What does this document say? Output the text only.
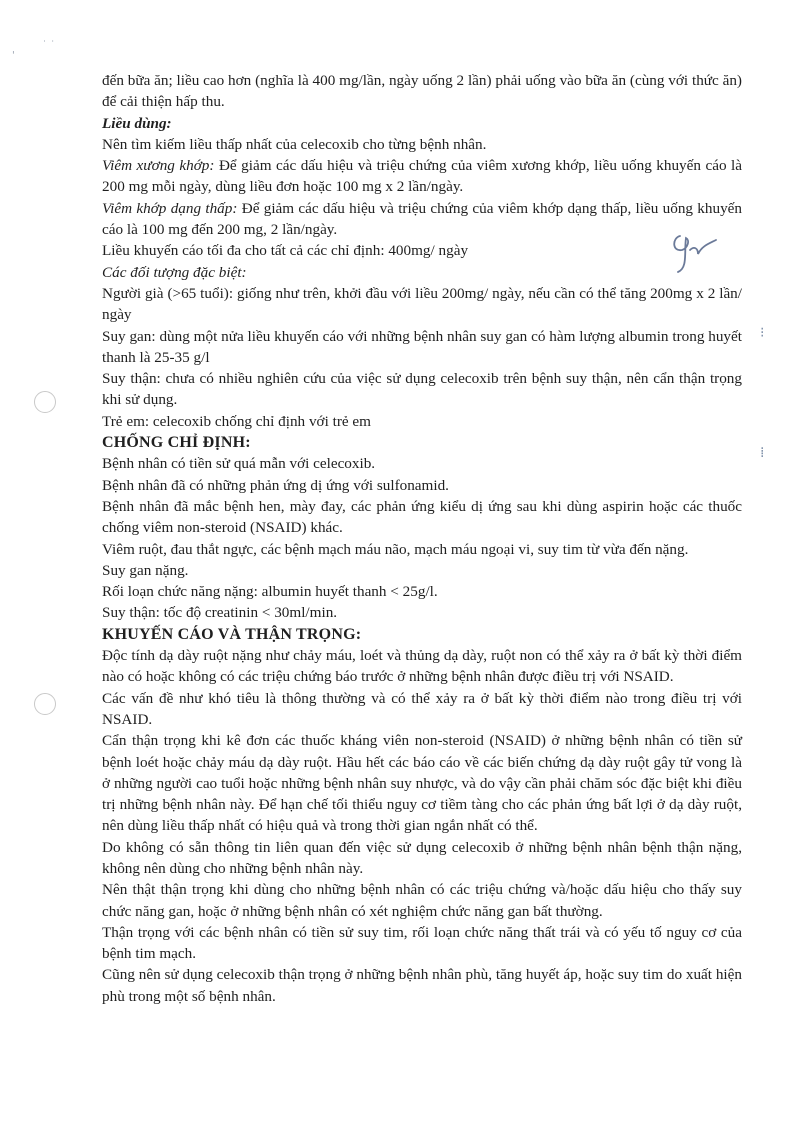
'
˙ ˙
⁝
⁞

đến bữa ăn; liều cao hơn (nghĩa là 400 mg/lần, ngày uống 2 lần) phải uống vào bữa ăn (cùng với thức ăn) để cải thiện hấp thu.

Liều dùng:

Nên tìm kiếm liều thấp nhất của celecoxib cho từng bệnh nhân.

Viêm xương khớp: Để giảm các dấu hiệu và triệu chứng của viêm xương khớp, liều uống khuyến cáo là 200 mg mỗi ngày, dùng liều đơn hoặc 100 mg x 2 lần/ngày.

Viêm khớp dạng thấp: Để giảm các dấu hiệu và triệu chứng của viêm khớp dạng thấp, liều uống khuyến cáo là 100 mg đến 200 mg, 2 lần/ngày.

Liều khuyến cáo tối đa cho tất cả các chỉ định: 400mg/ ngày

Các đối tượng đặc biệt:

Người già (>65 tuổi): giống như trên, khởi đầu với liều 200mg/ ngày, nếu cần có thể tăng 200mg x 2 lần/ ngày

Suy gan: dùng một nửa liều khuyến cáo với những bệnh nhân suy gan có hàm lượng albumin trong huyết thanh là 25-35 g/l

Suy thận: chưa có nhiều nghiên cứu của việc sử dụng celecoxib trên bệnh suy thận, nên cẩn thận trọng khi sử dụng.

Trẻ em: celecoxib chống chỉ định với trẻ em

CHỐNG CHỈ ĐỊNH:

Bệnh nhân có tiền sử quá mẫn với celecoxib.

Bệnh nhân đã có những phản ứng dị ứng với sulfonamid.

Bệnh nhân đã mắc bệnh hen, mày đay, các phản ứng kiểu dị ứng sau khi dùng aspirin hoặc các thuốc chống viêm non-steroid (NSAID) khác.

Viêm ruột, đau thắt ngực, các bệnh mạch máu não, mạch máu ngoại vi, suy tim từ vừa đến nặng.

Suy gan nặng.

Rối loạn chức năng nặng: albumin huyết thanh < 25g/l.

Suy thận: tốc độ creatinin < 30ml/min.

KHUYẾN CÁO VÀ THẬN TRỌNG:

Độc tính dạ dày ruột nặng như chảy máu, loét và thủng dạ dày, ruột non có thể xảy ra ở bất kỳ thời điểm nào có hoặc không có các triệu chứng báo trước ở những bệnh nhân được điều trị với NSAID.

Các vấn đề như khó tiêu là thông thường và có thể xảy ra ở bất kỳ thời điểm nào trong điều trị với NSAID.

Cẩn thận trọng khi kê đơn các thuốc kháng viên non-steroid (NSAID) ở những bệnh nhân có tiền sử bệnh loét hoặc chảy máu dạ dày ruột. Hầu hết các báo cáo về các biến chứng dạ dày ruột gây tử vong là ở những người cao tuổi hoặc những bệnh nhân suy nhược, và do vậy cần phải chăm sóc đặc biệt khi điều trị những bệnh nhân này. Để hạn chế tối thiểu nguy cơ tiềm tàng cho các phản ứng bất lợi ở dạ dày ruột, nên dùng liều thấp nhất có hiệu quả và trong thời gian ngắn nhất có thể.

Do không có sẵn thông tin liên quan đến việc sử dụng celecoxib ở những bệnh nhân bệnh thận nặng, không nên dùng cho những bệnh nhân này.

Nên thật thận trọng khi dùng cho những bệnh nhân có các triệu chứng và/hoặc dấu hiệu cho thấy suy chức năng gan, hoặc ở những bệnh nhân có xét nghiệm chức năng gan bất thường.

Thận trọng với các bệnh nhân có tiền sử suy tim, rối loạn chức năng thất trái và có yếu tố nguy cơ của bệnh tim mạch.

Cũng nên sử dụng celecoxib thận trọng ở những bệnh nhân phù, tăng huyết áp, hoặc suy tim do xuất hiện phù trong một số bệnh nhân.
